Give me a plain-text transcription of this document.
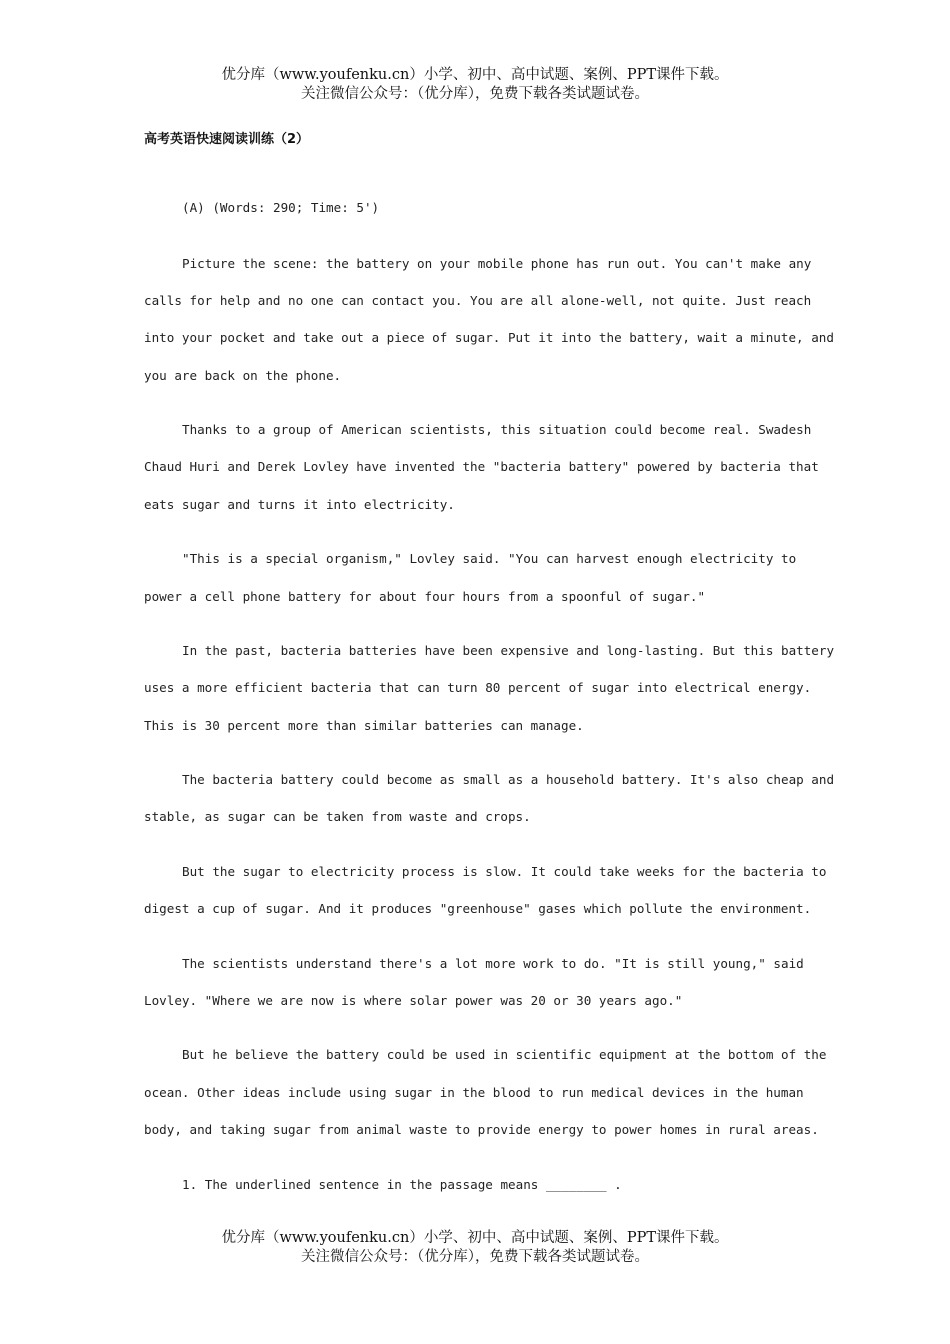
优分库（www.youfenku.cn）小学、初中、高中试题、案例、PPT课件下载。
关注微信公众号：（优分库），免费下载各类试题试卷。
高考英语快速阅读训练（2）
(A) (Words: 290; Time: 5')
Picture the scene: the battery on your mobile phone has run out. You can't make any
calls for help and no one can contact you. You are all alone-well, not quite. Just reach
into your pocket and take out a piece of sugar. Put it into the battery, wait a minute, and
you are back on the phone.
Thanks to a group of American scientists, this situation could become real. Swadesh
Chaud Huri and Derek Lovley have invented the "bacteria battery" powered by bacteria that
eats sugar and turns it into electricity.
"This is a special organism," Lovley said. "You can harvest enough electricity to
power a cell phone battery for about four hours from a spoonful of sugar."
In the past, bacteria batteries have been expensive and long-lasting. But this battery
uses a more efficient bacteria that can turn 80 percent of sugar into electrical energy.
This is 30 percent more than similar batteries can manage.
The bacteria battery could become as small as a household battery. It's also cheap and
stable, as sugar can be taken from waste and crops.
But the sugar to electricity process is slow. It could take weeks for the bacteria to
digest a cup of sugar. And it produces "greenhouse" gases which pollute the environment.
The scientists understand there's a lot more work to do. "It is still young," said
Lovley. "Where we are now is where solar power was 20 or 30 years ago."
But he believe the battery could be used in scientific equipment at the bottom of the
ocean. Other ideas include using sugar in the blood to run medical devices in the human
body, and taking sugar from animal waste to provide energy to power homes in rural areas.
1. The underlined sentence in the passage means ________ .
优分库（www.youfenku.cn）小学、初中、高中试题、案例、PPT课件下载。
关注微信公众号：（优分库），免费下载各类试题试卷。
